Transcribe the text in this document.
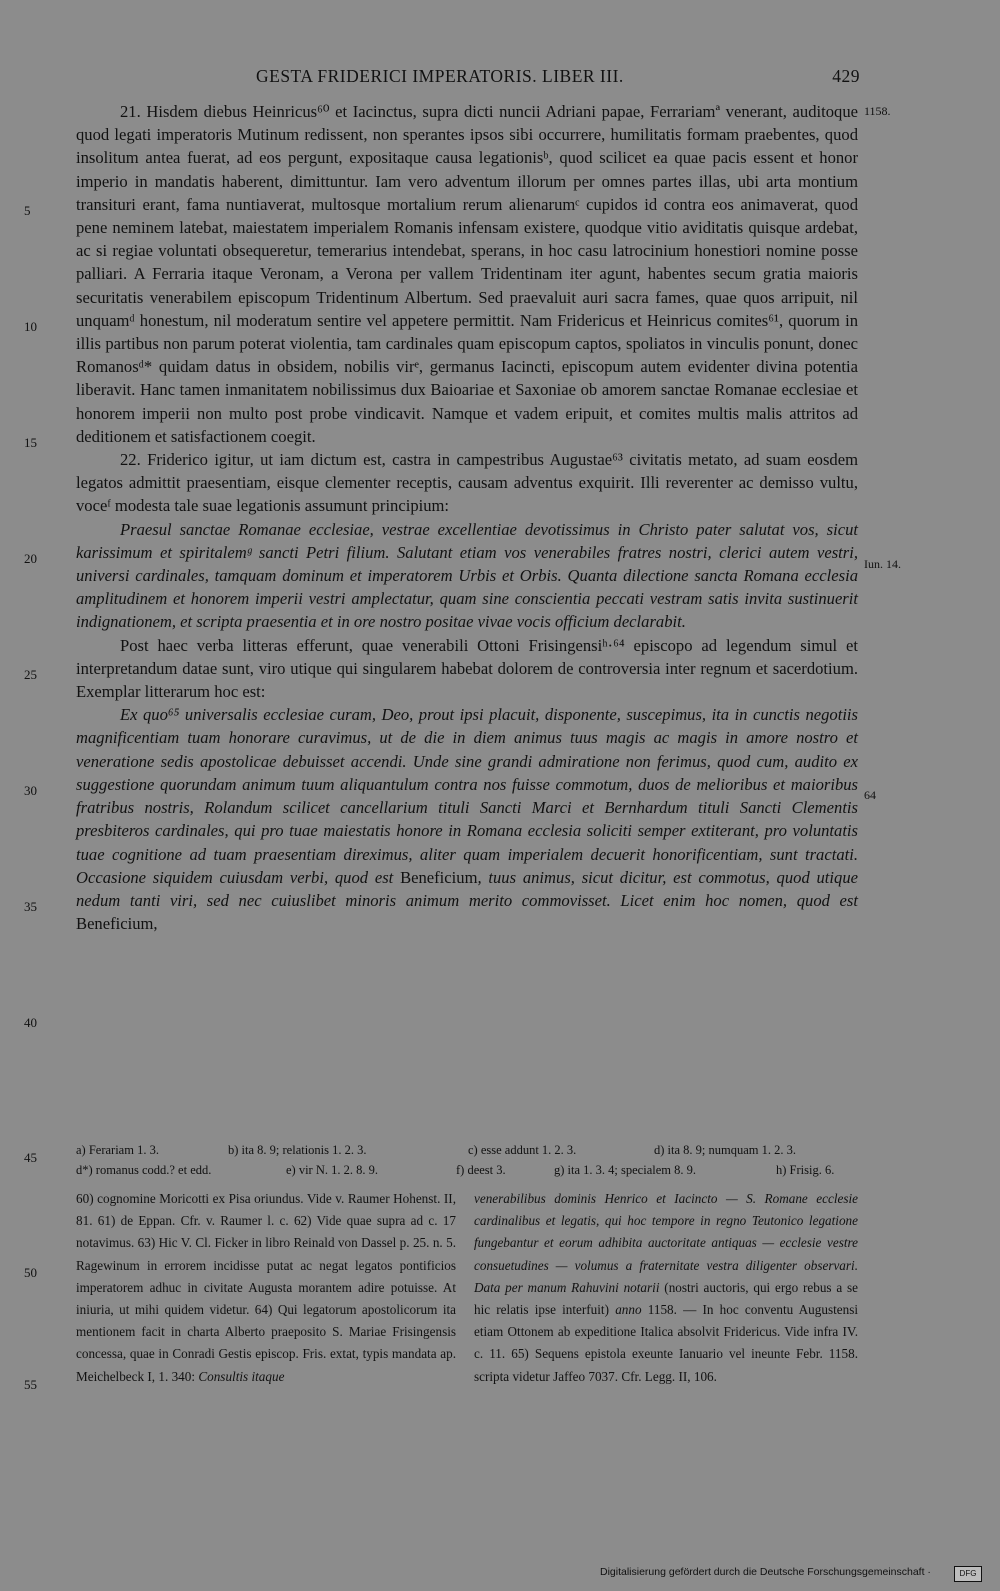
GESTA FRIDERICI IMPERATORIS. LIBER III.	429
5
10
15
20
25
30
35
40
45
50
55
1158.
Iun. 14.
64

21. Hisdem diebus Heinricus⁶⁰ et Iacinctus, supra dicti nuncii Adriani papae, Ferrariamª venerant, auditoque quod legati imperatoris Mutinum redissent, non sperantes ipsos sibi occurrere, humilitatis formam praebentes, quod insolitum antea fuerat, ad eos pergunt, expositaque causa legationisᵇ, quod scilicet ea quae pacis essent et honor imperio in mandatis haberent, dimittuntur. Iam vero adventum illorum per omnes partes illas, ubi arta montium transituri erant, fama nuntiaverat, multosque mortalium rerum alienarumᶜ cupidos id contra eos animaverat, quod pene neminem latebat, maiestatem imperialem Romanis infensam existere, quodque vitio aviditatis quisque ardebat, ac si regiae voluntati obsequeretur, temerarius intendebat, sperans, in hoc casu latrocinium honestiori nomine posse palliari. A Ferraria itaque Veronam, a Verona per vallem Tridentinam iter agunt, habentes secum gratia maioris securitatis venerabilem episcopum Tridentinum Albertum. Sed praevaluit auri sacra fames, quae quos arripuit, nil unquamᵈ honestum, nil moderatum sentire vel appetere permittit. Nam Fridericus et Heinricus comites⁶¹, quorum in illis partibus non parum poterat violentia, tam cardinales quam episcopum captos, spoliatos in vinculis ponunt, donec Romanosᵈ* quidam datus in obsidem, nobilis virᵉ, germanus Iacincti, episcopum autem evidenter divina potentia liberavit. Hanc tamen inmanitatem nobilissimus dux Baioariae et Saxoniae ob amorem sanctae Romanae ecclesiae et honorem imperii non multo post probe vindicavit. Namque et vadem eripuit, et comites multis malis attritos ad deditionem et satisfactionem coegit.

22. Friderico igitur, ut iam dictum est, castra in campestribus Augustae⁶³ civitatis metato, ad suam eosdem legatos admittit praesentiam, eisque clementer receptis, causam adventus exquirit. Illi reverenter ac demisso vultu, voceᶠ modesta tale suae legationis assumunt principium:

Praesul sanctae Romanae ecclesiae, vestrae excellentiae devotissimus in Christo pater salutat vos, sicut karissimum et spiritalemᵍ sancti Petri filium. Salutant etiam vos venerabiles fratres nostri, clerici autem vestri, universi cardinales, tamquam dominum et imperatorem Urbis et Orbis. Quanta dilectione sancta Romana ecclesia amplitudinem et honorem imperii vestri amplectatur, quam sine conscientia peccati vestram satis invita sustinuerit indignationem, et scripta praesentia et in ore nostro positae vivae vocis officium declarabit.

Post haec verba litteras efferunt, quae venerabili Ottoni Frisingensiʰ·⁶⁴ episcopo ad legendum simul et interpretandum datae sunt, viro utique qui singularem habebat dolorem de controversia inter regnum et sacerdotium. Exemplar litterarum hoc est:

Ex quo⁶⁵ universalis ecclesiae curam, Deo, prout ipsi placuit, disponente, suscepimus, ita in cunctis negotiis magnificentiam tuam honorare curavimus, ut de die in diem animus tuus magis ac magis in amore nostro et veneratione sedis apostolicae debuisset accendi. Unde sine grandi admiratione non ferimus, quod cum, audito ex suggestione quorundam animum tuum aliquantulum contra nos fuisse commotum, duos de melioribus et maioribus fratribus nostris, Rolandum scilicet cancellarium tituli Sancti Marci et Bernhardum tituli Sancti Clementis presbiteros cardinales, qui pro tuae maiestatis honore in Romana ecclesia soliciti semper extiterant, pro voluntatis tuae cognitione ad tuam praesentiam direximus, aliter quam imperialem decuerit honorificentiam, sunt tractati. Occasione siquidem cuiusdam verbi, quod est Beneficium, tuus animus, sicut dicitur, est commotus, quod utique nedum tanti viri, sed nec cuiuslibet minoris animum merito commovisset. Licet enim hoc nomen, quod est Beneficium,

a) Ferariam 1. 3.	b) ita 8. 9; relationis 1. 2. 3.	c) esse addunt 1. 2. 3.	d) ita 8. 9; numquam 1. 2. 3.
d*) romanus codd.? et edd.	e) vir N. 1. 2. 8. 9.	f) deest 3.	g) ita 1. 3. 4; specialem 8. 9.	h) Frisig. 6.

60) cognomine Moricotti ex Pisa oriundus. Vide v. Raumer Hohenst. II, 81. 61) de Eppan. Cfr. v. Raumer l. c. 62) Vide quae supra ad c. 17 notavimus. 63) Hic V. Cl. Ficker in libro Reinald von Dassel p. 25. n. 5. Ragewinum in errorem incidisse putat ac negat legatos pontificios imperatorem adhuc in civitate Augusta morantem adire potuisse. At iniuria, ut mihi quidem videtur. 64) Qui legatorum apostolicorum ita mentionem facit in charta Alberto praeposito S. Mariae Frisingensis concessa, quae in Conradi Gestis episcop. Fris. extat, typis mandata ap. Meichelbeck I, 1. 340: Consultis itaque

venerabilibus dominis Henrico et Iacincto — S. Romane ecclesie cardinalibus et legatis, qui hoc tempore in regno Teutonico legatione fungebantur et eorum adhibita auctoritate antiquas — ecclesie vestre consuetudines — volumus a fraternitate vestra diligenter observari. Data per manum Rahuvini notarii (nostri auctoris, qui ergo rebus a se hic relatis ipse interfuit) anno 1158. — In hoc conventu Augustensi etiam Ottonem ab expeditione Italica absolvit Fridericus. Vide infra IV. c. 11. 65) Sequens epistola exeunte Ianuario vel ineunte Febr. 1158. scripta videtur Jaffeo 7037. Cfr. Legg. II, 106.

Digitalisierung gefördert durch die Deutsche Forschungsgemeinschaft ·	DFG
